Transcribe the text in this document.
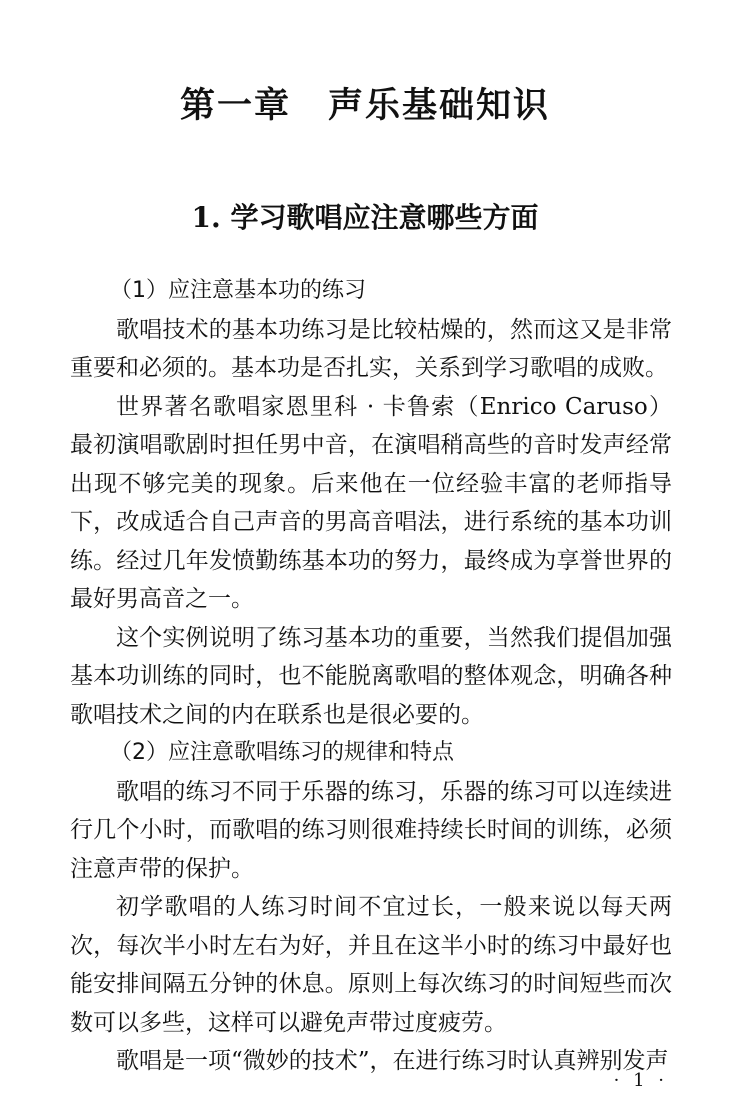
第一章　声乐基础知识
1. 学习歌唱应注意哪些方面

（1）应注意基本功的练习

歌唱技术的基本功练习是比较枯燥的，然而这又是非常重要和必须的。基本功是否扎实，关系到学习歌唱的成败。

世界著名歌唱家恩里科 · 卡鲁索（Enrico Caruso）最初演唱歌剧时担任男中音，在演唱稍高些的音时发声经常出现不够完美的现象。后来他在一位经验丰富的老师指导下，改成适合自己声音的男高音唱法，进行系统的基本功训练。经过几年发愤勤练基本功的努力，最终成为享誉世界的最好男高音之一。

这个实例说明了练习基本功的重要，当然我们提倡加强基本功训练的同时，也不能脱离歌唱的整体观念，明确各种歌唱技术之间的内在联系也是很必要的。

（2）应注意歌唱练习的规律和特点

歌唱的练习不同于乐器的练习，乐器的练习可以连续进行几个小时，而歌唱的练习则很难持续长时间的训练，必须注意声带的保护。

初学歌唱的人练习时间不宜过长，一般来说以每天两次，每次半小时左右为好，并且在这半小时的练习中最好也能安排间隔五分钟的休息。原则上每次练习的时间短些而次数可以多些，这样可以避免声带过度疲劳。

歌唱是一项“微妙的技术”，在进行练习时认真辨别发声

· 1 ·
